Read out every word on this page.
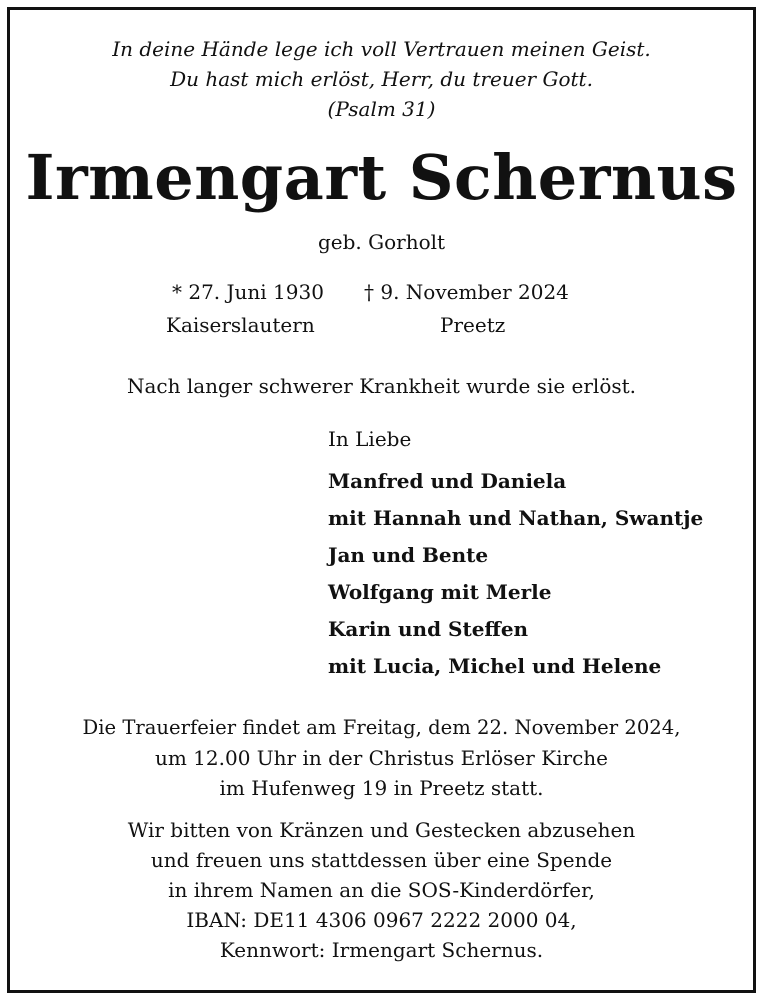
In deine Hände lege ich voll Vertrauen meinen Geist.
Du hast mich erlöst, Herr, du treuer Gott.
(Psalm 31)
Irmengart Schernus
geb. Gorholt
* 27. Juni 1930 † 9. November 2024
Kaiserslautern	Preetz
Nach langer schwerer Krankheit wurde sie erlöst.
In Liebe
Manfred und Daniela
mit Hannah und Nathan, Swantje
Jan und Bente
Wolfgang mit Merle
Karin und Steffen
mit Lucia, Michel und Helene
Die Trauerfeier findet am Freitag, dem 22. November 2024,
um 12.00 Uhr in der Christus Erlöser Kirche
im Hufenweg 19 in Preetz statt.
Wir bitten von Kränzen und Gestecken abzusehen
und freuen uns stattdessen über eine Spende
in ihrem Namen an die SOS-Kinderdörfer,
IBAN: DE11 4306 0967 2222 2000 04,
Kennwort: Irmengart Schernus.
